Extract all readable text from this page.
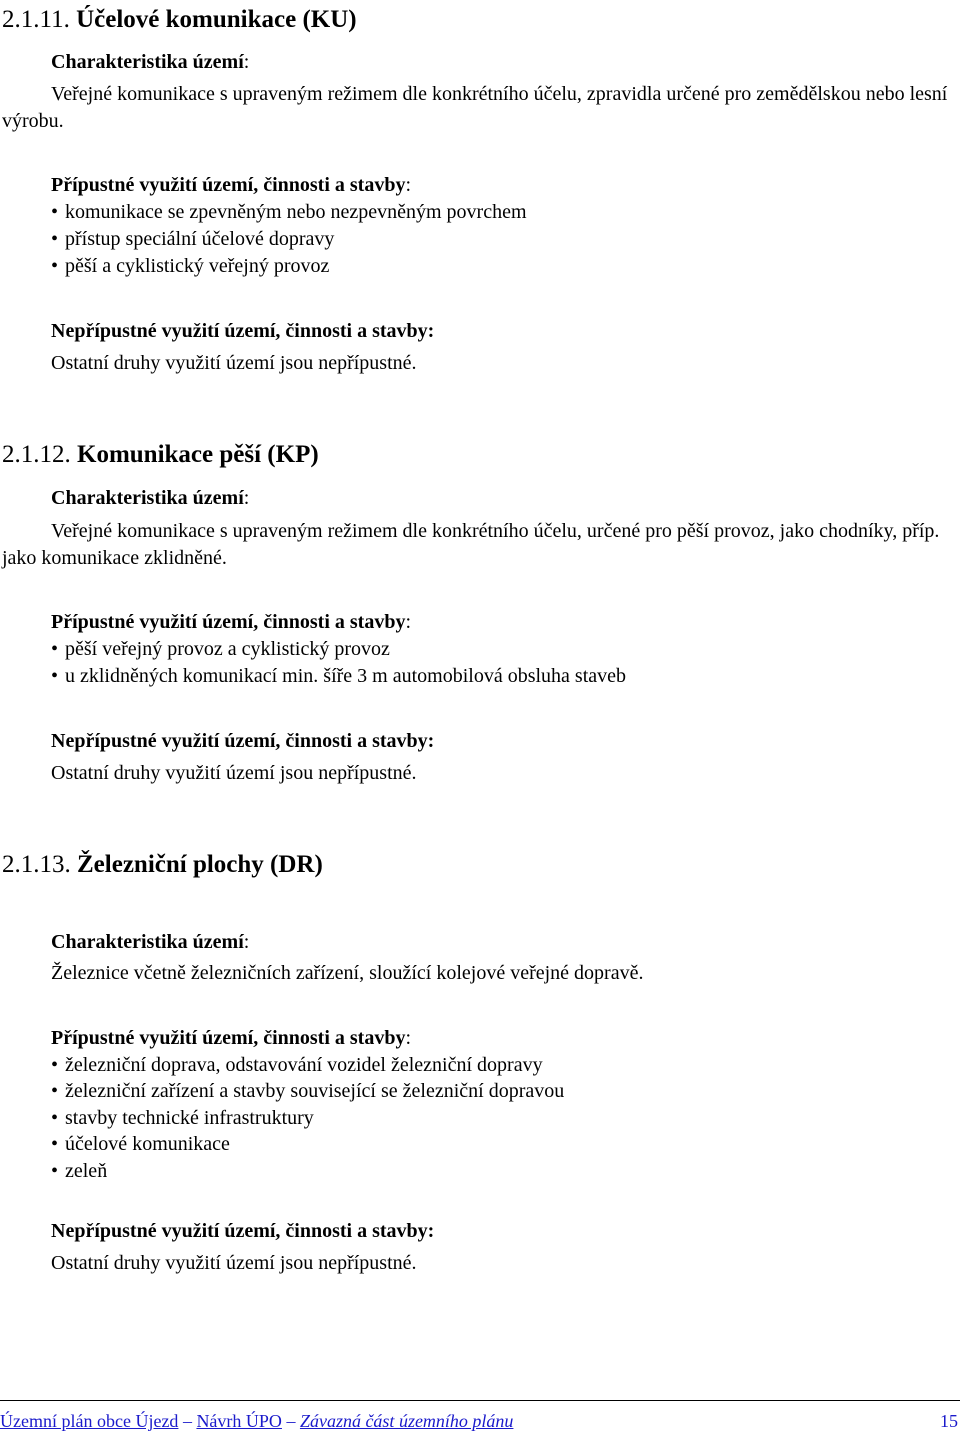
2.1.11. Účelové komunikace (KU)
Charakteristika území:

Veřejné komunikace s upraveným režimem dle konkrétního účelu, zpravidla určené pro zemědělskou nebo lesní výrobu.

Přípustné využití území, činnosti a stavby:
• komunikace se zpevněným nebo nezpevněným povrchem
• přístup speciální účelové dopravy
• pěší a cyklistický veřejný provoz
Nepřípustné využití území, činnosti a stavby:
Ostatní druhy využití území jsou nepřípustné.
2.1.12. Komunikace pěší (KP)
Charakteristika území:

Veřejné komunikace s upraveným režimem dle konkrétního účelu, určené pro pěší provoz, jako chodníky, příp. jako komunikace zklidněné.

Přípustné využití území, činnosti a stavby:
• pěší veřejný provoz a cyklistický provoz
• u zklidněných komunikací min. šíře 3 m automobilová obsluha staveb
Nepřípustné využití území, činnosti a stavby:
Ostatní druhy využití území jsou nepřípustné.
2.1.13. Železniční plochy (DR)
Charakteristika území:
Železnice včetně železničních zařízení, sloužící kolejové veřejné dopravě.
Přípustné využití území, činnosti a stavby:
• železniční doprava, odstavování vozidel železniční dopravy
• železniční zařízení a stavby související se železniční dopravou
• stavby technické infrastruktury
• účelové komunikace
• zeleň
Nepřípustné využití území, činnosti a stavby:
Ostatní druhy využití území jsou nepřípustné.
Územní plán obce Újezd – Návrh ÚPO – Závazná část územního plánu	15
